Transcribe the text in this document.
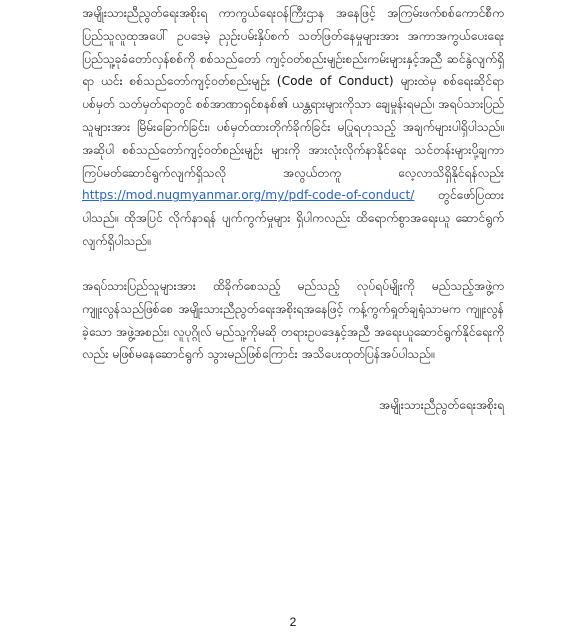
အမျိုးသားညီညွတ်ရေးအစိုးရ ကာကွယ်ရေးဝန်ကြီးဌာန အနေဖြင့် အကြမ်းဖက်စစ်ကောင်စီက ပြည်သူလူထုအပေါ် ဥပဒေမဲ့ ညှဉ်းပမ်းနှိပ်စက် သတ်ဖြတ်နေမှုများအား အကာအကွယ်ပေးရေး ပြည်သူ့ခုခံတော်လှန်စစ်ကို စစ်သည်တော် ကျင့်ဝတ်စည်းမျဉ်းစည်းကမ်းများနှင့်အညီ ဆင်နွဲလျက်ရှိရာ ယင်း စစ်သည်တော်ကျင့်ဝတ်စည်းမျဉ်း (Code of Conduct) များထဲမှ စစ်ရေးဆိုင်ရာပစ်မှတ် သတ်မှတ်ရာတွင် စစ်အာဏာရှင်စနစ်၏ ယန္တရားများကိုသာ ချေမှုန်းရမည်၊ အရပ်သားပြည်သူများအား မြိမ်းခြောက်ခြင်း၊ ပစ်မှတ်ထားတိုက်ခိုက်ခြင်း မပြုရဟုသည့် အချက်များပါရှိပါသည်။ အဆိုပါ စစ်သည်တော်ကျင့်ဝတ်စည်းမျဉ်း များကို အားလုံးလိုက်နာနိုင်ရေး သင်တန်းများပို့ချကာ ကြပ်မတ်ဆောင်ရွက်လျက်ရှိသလို အလွယ်တကူ လေ့လာသိရှိနိုင်ရန်လည်း https://mod.nugmyanmar.org/my/pdf-code-of-conduct/ တွင်ဖော်ပြထား ပါသည်။ ထိုအပြင် လိုက်နာရန် ပျက်ကွက်မှုများ ရှိပါကလည်း ထိရောက်စွာအရေးယူ ဆောင်ရွက်လျက်ရှိပါသည်။
အရပ်သားပြည်သူများအား ထိခိုက်စေသည့် မည်သည့် လုပ်ရပ်မျိုးကို မည်သည့်အဖွဲ့က ကျူးလွန်သည်ဖြစ်စေ အမျိုးသားညီညွတ်ရေးအစိုးရအနေဖြင့် ကန့်ကွက်ရှုတ်ချရုံသာမက ကျူးလွန်ခဲ့သော အဖွဲ့အစည်း၊ လူပုဂ္ဂိုလ် မည်သူ့ကိုမဆို တရားဥပဒေနှင့်အညီ အရေးယူဆောင်ရွက်နိုင်ရေးကိုလည်း မဖြစ်မနေဆောင်ရွက် သွားမည်ဖြစ်ကြောင်း အသိပေးထုတ်ပြန်အပ်ပါသည်။
အမျိုးသားညီညွတ်ရေးအစိုးရ
2
